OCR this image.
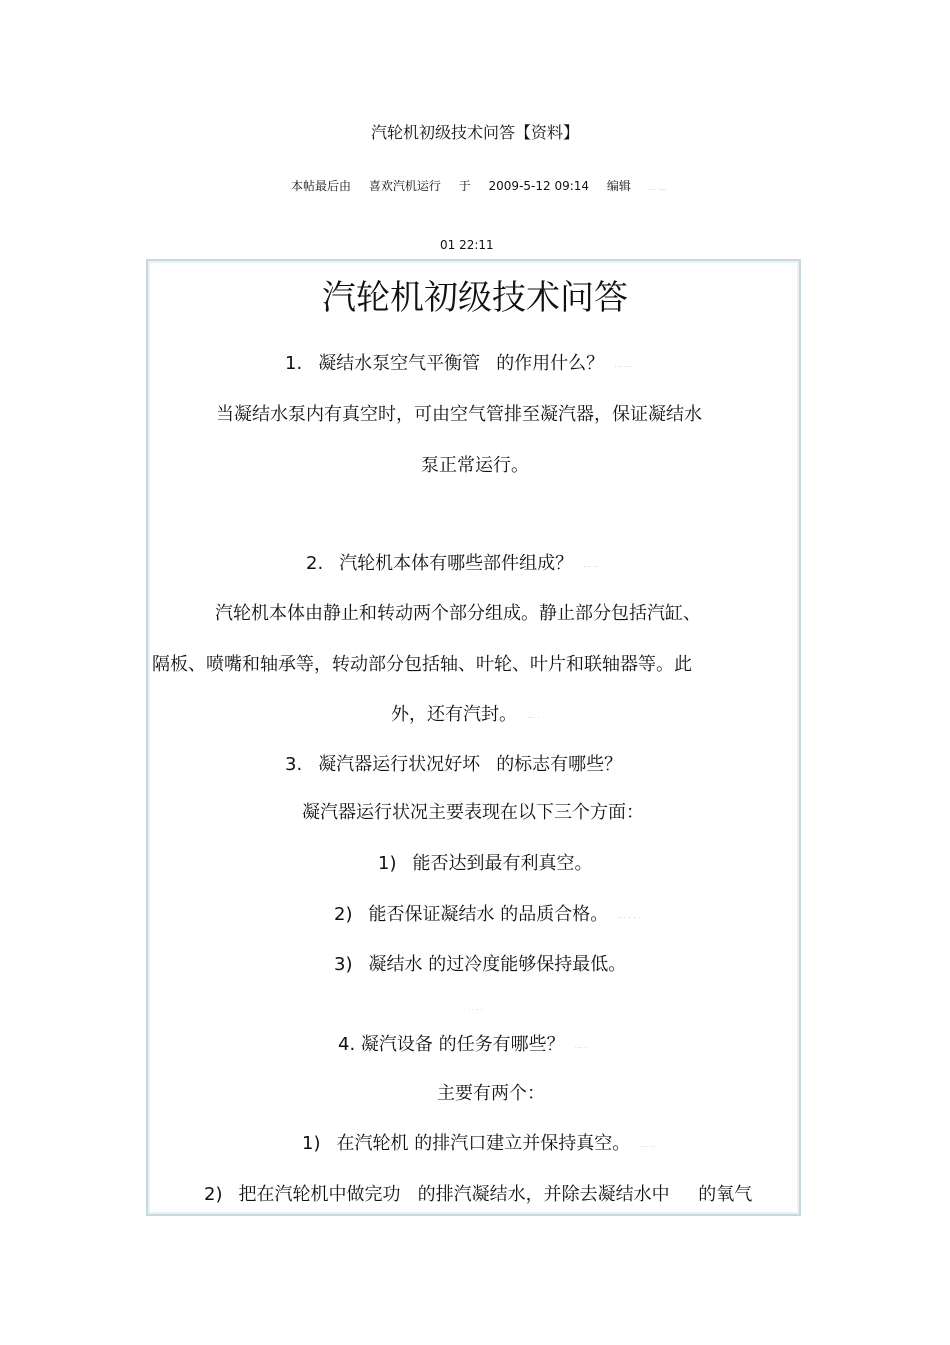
汽轮机初级技术问答【资料】
本帖最后由 喜欢汽机运行 于 2009-5-12 09:14 编辑 ... ...
01 22:11
汽轮机初级技术问答
1. 凝结水泵空气平衡管 的作用什么？ ... ...
当凝结水泵内有真空时，可由空气管排至凝汽器，保证凝结水
泵正常运行。
2. 汽轮机本体有哪些部件组成？ ... ..
汽轮机本体由静止和转动两个部分组成。静止部分包括汽缸、
隔板、喷嘴和轴承等，转动部分包括轴、叶轮、叶片和联轴器等。此
外，还有汽封。 ... .
3. 凝汽器运行状况好坏 的标志有哪些？
凝汽器运行状况主要表现在以下三个方面：
1) 能否达到最有利真空。
2) 能否保证凝结水 的品质合格。 ... . . .
3) 凝结水 的过冷度能够保持最低。
. . . . .
4. 凝汽设备 的任务有哪些？ ... .
主要有两个：
1) 在汽轮机 的排汽口建立并保持真空。 ... ..
2) 把在汽轮机中做完功   的排汽凝结水，并除去凝结水中     的氧气
